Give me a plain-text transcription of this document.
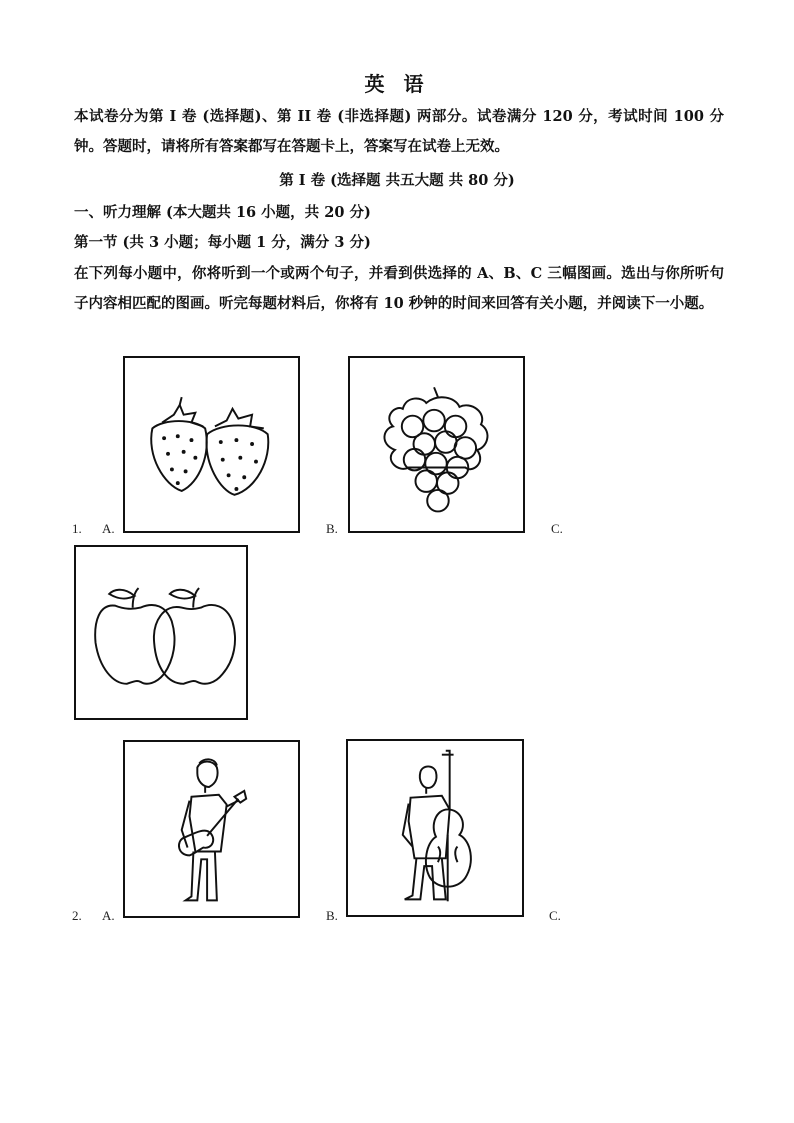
英 语
本试卷分为第 I 卷 (选择题)、第 II 卷 (非选择题) 两部分。试卷满分 120 分，考试时间 100 分钟。答题时，请将所有答案都写在答题卡上，答案写在试卷上无效。
第 I 卷 (选择题 共五大题 共 80 分)
一、听力理解 (本大题共 16 小题，共 20 分)
第一节 (共 3 小题；每小题 1 分，满分 3 分)
在下列每小题中，你将听到一个或两个句子，并看到供选择的 A、B、C 三幅图画。选出与你所听句子内容相匹配的图画。听完每题材料后，你将有 10 秒钟的时间来回答有关小题，并阅读下一小题。
1. A.	B.	C.
2. A.	B.	C.
